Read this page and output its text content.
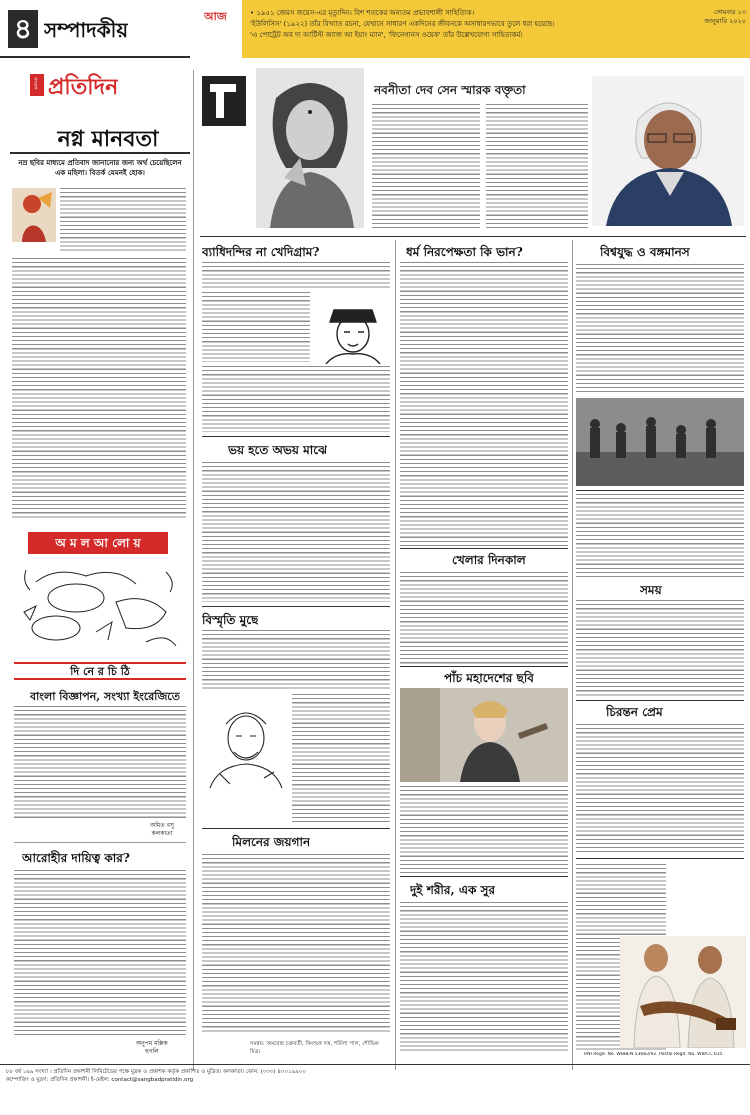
৪ সম্পাদকীয়
আজ	• ১৯৫১ জেমস জয়েস-এর মৃত্যুদিন। বিশ শতকের অন্যতম প্রভাবশালী সাহিত্যিক।
'ইউলিসিস' (১৯২২) তাঁর বিখ্যাত রচনা, যেখানে সাধারণ একদিনের জীবনকে অসাধারণভাবে তুলে ধরা হয়েছে।
'এ পোর্ট্রেট অব দ্য আর্টিস্ট অ্যাজ আ ইয়াং ম্যান', 'ফিনেগানস ওয়েক' তাঁর উল্লেখযোগ্য সাহিত্যকর্ম।
সোমবার ১৩ জানুয়ারি ২০২০
সংবাদ প্রতিদিন
নগ্ন মানবতা
নম্র ছবির মাধ্যমে প্রতিবাদ জানানোর জন্য অর্থ চেয়েছিলেন এক মহিলা। বিতর্ক যেমনই হোক।
অ ম ল আ লো য়
দি নে র চি ঠি
বাংলা বিজ্ঞাপন, সংখ্যা ইংরেজিতে
অমিত বসু
কলকাতা
আরোহীর দায়িত্ব কার?
অনুপম মল্লিক
হুগলি
নবনীতা দেব সেন স্মারক বক্তৃতা
ব্যাধিদন্দির না খেদিগ্রাম?
ভয় হতে অভয় মাঝে
বিস্মৃতি মুছে
মিলনের জয়গান
সমন্বয়: অমরেন্দ্র চক্রবর্তী, কিংশুক দত্ত, শর্মিলা পাল, শৌভিক মিত্র।
ধর্ম নিরপেক্ষতা কি ভান?
খেলার দিনকাল
পাঁচ মহাদেশের ছবি
দুই শরীর, এক সুর
বিশ্বযুদ্ধ ও বঙ্গমানস
সময়
চিরন্তন প্রেম
RNI Regd. No. WBBEN 53683/92. Postal Regd. No. WB/CC 635
৮৮ বর্ষ ১৯৯ সংখ্যা । প্রতিদিন প্রকাশনী লিমিটেডের পক্ষে মুদ্রক ও প্রকাশক কর্তৃক প্রকাশিত ও মুদ্রিত। কলকাতা। ফোন: (০৩৩) ৪০০১৯৯০০
কম্পোজিং ও মুদ্রণ: প্রতিদিন প্রকাশনী। ই-মেইল: contact@sangbadpratidin.org
